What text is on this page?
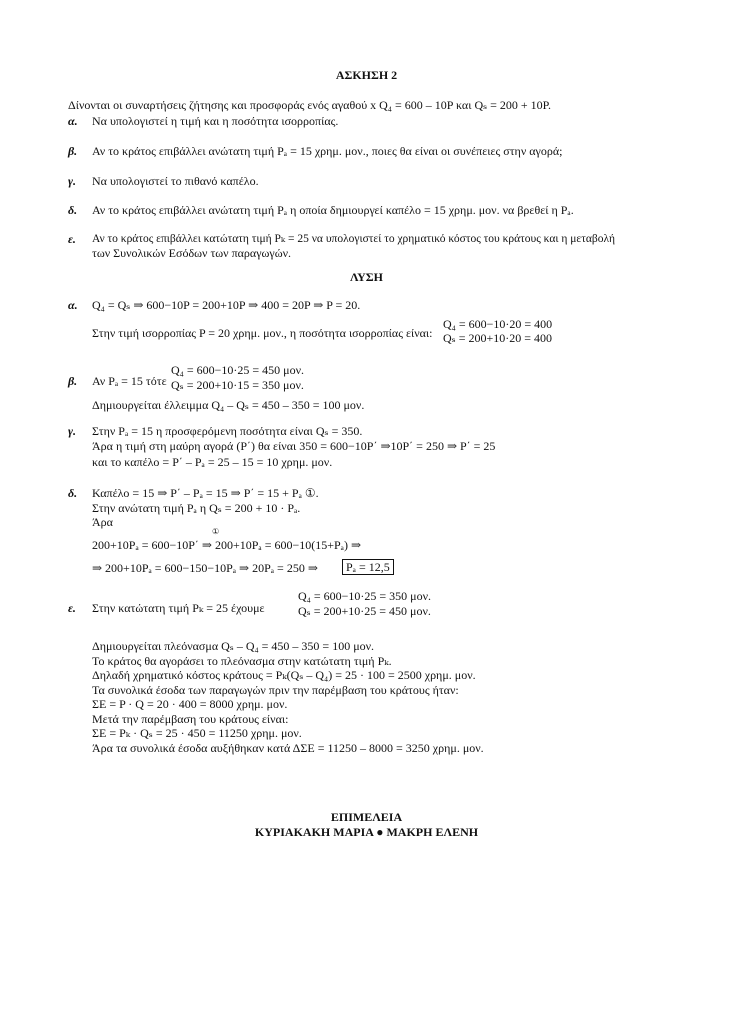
ΑΣΚΗΣΗ 2
Δίνονται οι συναρτήσεις ζήτησης και προσφοράς ενός αγαθού x Q₄ = 600 – 10P και Qₛ = 200 + 10P.
α. Να υπολογιστεί η τιμή και η ποσότητα ισορροπίας.
β. Αν το κράτος επιβάλλει ανώτατη τιμή Pₐ = 15 χρημ. μον., ποιες θα είναι οι συνέπειες στην αγορά;
γ. Να υπολογιστεί το πιθανό καπέλο.
δ. Αν το κράτος επιβάλλει ανώτατη τιμή Pₐ η οποία δημιουργεί καπέλο = 15 χρημ. μον. να βρεθεί η Pₐ.
ε. Αν το κράτος επιβάλλει κατώτατη τιμή Pₖ = 25 να υπολογιστεί το χρηματικό κόστος του κράτους και η μεταβολή
των Συνολικών Εσόδων των παραγωγών.
ΛΥΣΗ
α. Q₄ = Qₛ ⇒ 600−10P = 200+10P ⇒ 400 = 20P ⇒ P = 20.
Στην τιμή ισορροπίας P = 20 χρημ. μον., η ποσότητα ισορροπίας είναι:
Q₄ = 600−10·20 = 400
Qₛ = 200+10·20 = 400
β. Αν Pₐ = 15 τότε
Q₄ = 600−10·25 = 450 μον.
Qₛ = 200+10·15 = 350 μον.
Δημιουργείται έλλειμμα Q₄ – Qₛ = 450 – 350 = 100 μον.
γ. Στην Pₐ = 15 η προσφερόμενη ποσότητα είναι Qₛ = 350.
Άρα η τιμή στη μαύρη αγορά (P΄) θα είναι 350 = 600−10P΄ ⇒10P΄ = 250 ⇒ P΄ = 25
και το καπέλο = P΄ – Pₐ = 25 – 15 = 10 χρημ. μον.
δ. Καπέλο = 15 ⇒ P΄ – Pₐ = 15 ⇒ P΄ = 15 + Pₐ ①.
Στην ανώτατη τιμή Pₐ η Qₛ = 200 + 10 · Pₐ.
Άρα
①
200+10Pₐ = 600−10P΄ ⇒ 200+10Pₐ = 600−10(15+Pₐ) ⇒
⇒ 200+10Pₐ = 600−150−10Pₐ ⇒ 20Pₐ = 250 ⇒	Pₐ = 12,5
ε. Στην κατώτατη τιμή Pₖ = 25 έχουμε
Q₄ = 600−10·25 = 350 μον.
Qₛ = 200+10·25 = 450 μον.
Δημιουργείται πλεόνασμα Qₛ – Q₄ = 450 – 350 = 100 μον.
Το κράτος θα αγοράσει το πλεόνασμα στην κατώτατη τιμή Pₖ.
Δηλαδή χρηματικό κόστος κράτους = Pₖ(Qₛ – Q₄) = 25 · 100 = 2500 χρημ. μον.
Τα συνολικά έσοδα των παραγωγών πριν την παρέμβαση του κράτους ήταν:
ΣΕ = P · Q = 20 · 400 = 8000 χρημ. μον.
Μετά την παρέμβαση του κράτους είναι:
ΣΕ = Pₖ · Qₛ = 25 · 450 = 11250 χρημ. μον.
Άρα τα συνολικά έσοδα αυξήθηκαν κατά ΔΣΕ = 11250 – 8000 = 3250 χρημ. μον.
ΕΠΙΜΕΛΕΙΑ
ΚΥΡΙΑΚΑΚΗ ΜΑΡΙΑ ● ΜΑΚΡΗ ΕΛΕΝΗ
